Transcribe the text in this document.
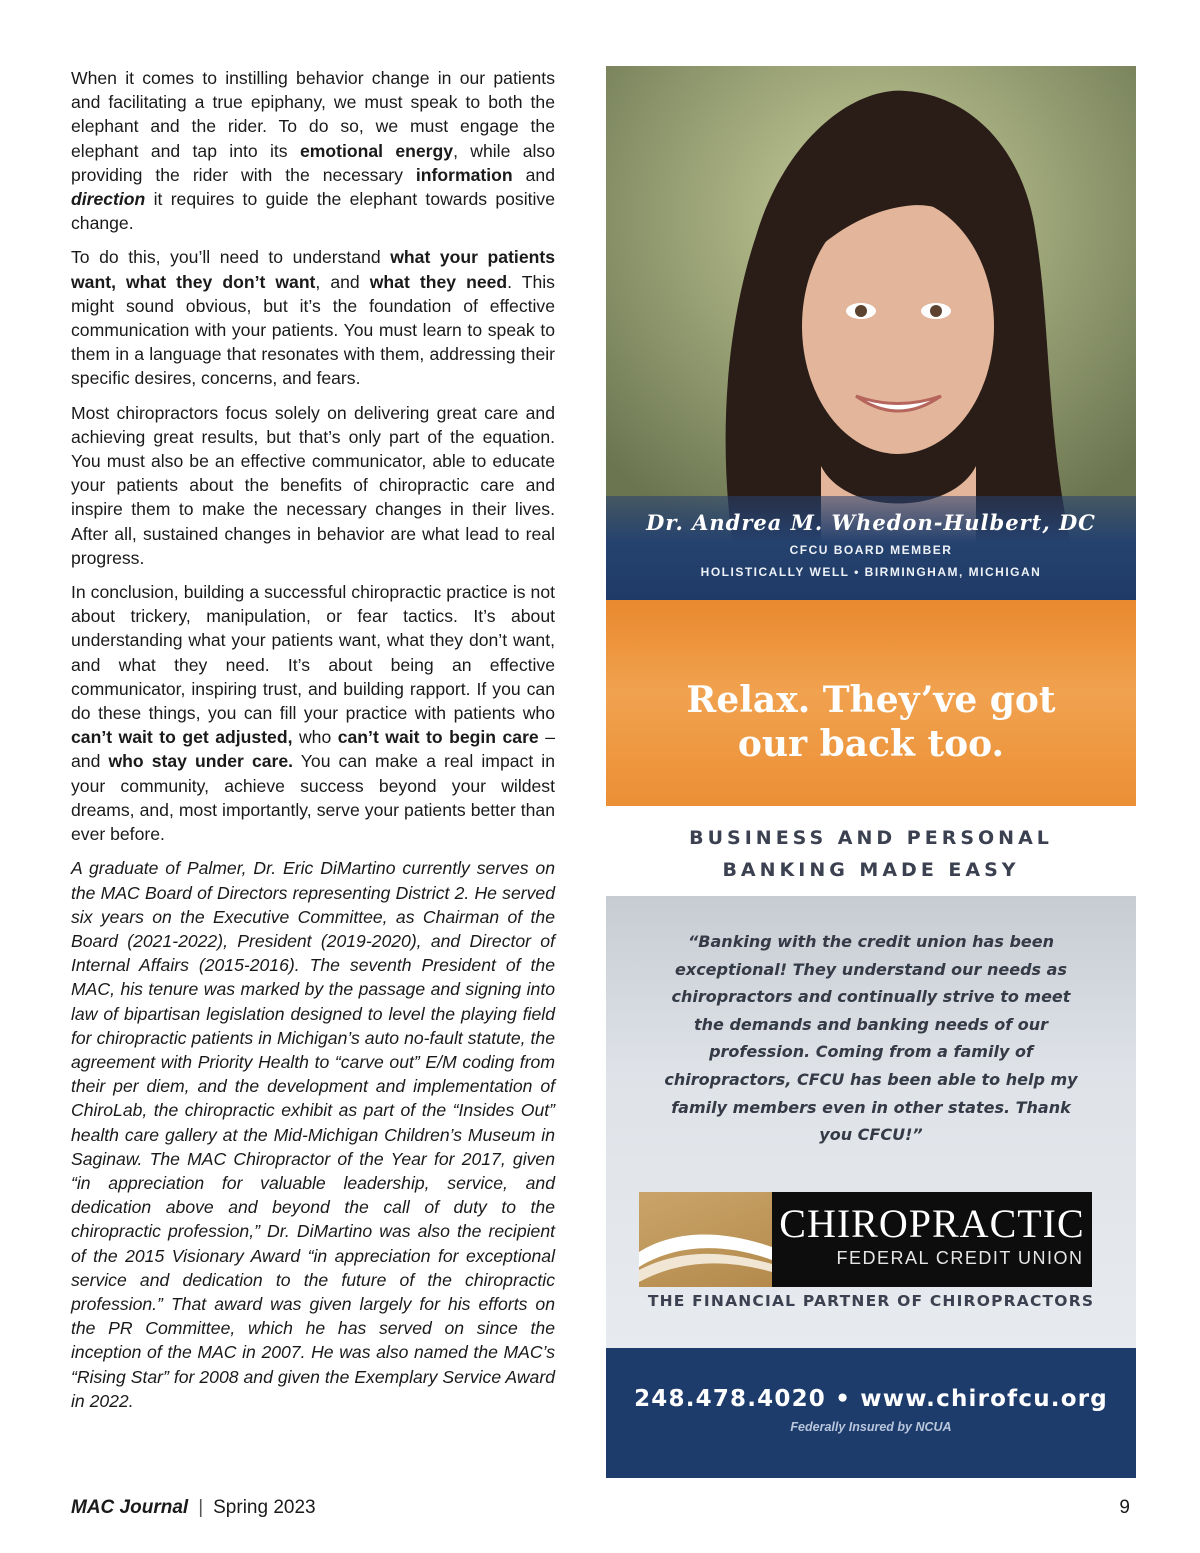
When it comes to instilling behavior change in our patients and facilitating a true epiphany, we must speak to both the elephant and the rider. To do so, we must engage the elephant and tap into its emotional energy, while also providing the rider with the necessary information and direction it requires to guide the elephant towards positive change.

To do this, you’ll need to understand what your patients want, what they don’t want, and what they need. This might sound obvious, but it’s the foundation of effective communication with your patients. You must learn to speak to them in a language that resonates with them, addressing their specific desires, concerns, and fears.

Most chiropractors focus solely on delivering great care and achieving great results, but that’s only part of the equation. You must also be an effective communicator, able to educate your patients about the benefits of chiropractic care and inspire them to make the necessary changes in their lives. After all, sustained changes in behavior are what lead to real progress.

In conclusion, building a successful chiropractic practice is not about trickery, manipulation, or fear tactics. It’s about understanding what your patients want, what they don’t want, and what they need. It’s about being an effective communicator, inspiring trust, and building rapport. If you can do these things, you can fill your practice with patients who can’t wait to get adjusted, who can’t wait to begin care – and who stay under care. You can make a real impact in your community, achieve success beyond your wildest dreams, and, most importantly, serve your patients better than ever before.

A graduate of Palmer, Dr. Eric DiMartino currently serves on the MAC Board of Directors representing District 2. He served six years on the Executive Committee, as Chairman of the Board (2021-2022), President (2019-2020), and Director of Internal Affairs (2015-2016). The seventh President of the MAC, his tenure was marked by the passage and signing into law of bipartisan legislation designed to level the playing field for chiropractic patients in Michigan’s auto no-fault statute, the agreement with Priority Health to “carve out” E/M coding from their per diem, and the development and implementation of ChiroLab, the chiropractic exhibit as part of the “Insides Out” health care gallery at the Mid-Michigan Children’s Museum in Saginaw. The MAC Chiropractor of the Year for 2017, given “in appreciation for valuable leadership, service, and dedication above and beyond the call of duty to the chiropractic profession,” Dr. DiMartino was also the recipient of the 2015 Visionary Award “in appreciation for exceptional service and dedication to the future of the chiropractic profession.” That award was given largely for his efforts on the PR Committee, which he has served on since the inception of the MAC in 2007. He was also named the MAC’s “Rising Star” for 2008 and given the Exemplary Service Award in 2022.

Dr. Andrea M. Whedon-Hulbert, DC
CFCU BOARD MEMBER
HOLISTICALLY WELL • BIRMINGHAM, MICHIGAN
Relax. They’ve got our back too.
BUSINESS AND PERSONAL
BANKING MADE EASY
“Banking with the credit union has been exceptional! They understand our needs as chiropractors and continually strive to meet the demands and banking needs of our profession. Coming from a family of chiropractors, CFCU has been able to help my family members even in other states. Thank you CFCU!”
CHIROPRACTIC
FEDERAL CREDIT UNION
THE FINANCIAL PARTNER OF CHIROPRACTORS
248.478.4020 • www.chirofcu.org
Federally Insured by NCUA
MAC Journal | Spring 2023	9
